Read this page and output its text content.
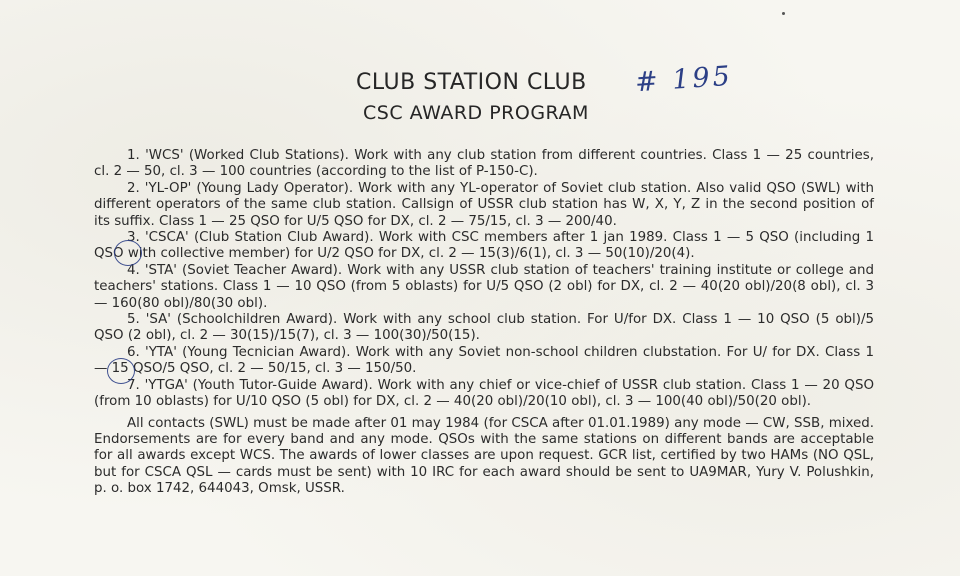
CLUB STATION CLUB # 195
CSC AWARD PROGRAM

1. 'WCS' (Worked Club Stations). Work with any club station from different countries. Class 1 — 25 countries, cl. 2 — 50, cl. 3 — 100 countries (according to the list of P-150-C).

2. 'YL-OP' (Young Lady Operator). Work with any YL-operator of Soviet club station. Also valid QSO (SWL) with different operators of the same club station. Callsign of USSR club station has W, X, Y, Z in the second position of its suffix. Class 1 — 25 QSO for U/5 QSO for DX, cl. 2 — 75/15, cl. 3 — 200/40.

3. 'CSCA' (Club Station Club Award). Work with CSC members after 1 jan 1989. Class 1 — 5 QSO (including 1 QSO with collective member) for U/2 QSO for DX, cl. 2 — 15(3)/6(1), cl. 3 — 50(10)/20(4).

4. 'STA' (Soviet Teacher Award). Work with any USSR club station of teachers' training institute or college and teachers' stations. Class 1 — 10 QSO (from 5 oblasts) for U/5 QSO (2 obl) for DX, cl. 2 — 40(20 obl)/20(8 obl), cl. 3 — 160(80 obl)/80(30 obl).

5. 'SA' (Schoolchildren Award). Work with any school club station. For U/for DX. Class 1 — 10 QSO (5 obl)/5 QSO (2 obl), cl. 2 — 30(15)/15(7), cl. 3 — 100(30)/50(15).

6. 'YTA' (Young Tecnician Award). Work with any Soviet non-school children clubstation. For U/ for DX. Class 1 — 15 QSO/5 QSO, cl. 2 — 50/15, cl. 3 — 150/50.

7. 'YTGA' (Youth Tutor-Guide Award). Work with any chief or vice-chief of USSR club station. Class 1 — 20 QSO (from 10 oblasts) for U/10 QSO (5 obl) for DX, cl. 2 — 40(20 obl)/20(10 obl), cl. 3 — 100(40 obl)/50(20 obl).

All contacts (SWL) must be made after 01 may 1984 (for CSCA after 01.01.1989) any mode — CW, SSB, mixed. Endorsements are for every band and any mode. QSOs with the same stations on different bands are acceptable for all awards except WCS. The awards of lower classes are upon request. GCR list, certified by two HAMs (NO QSL, but for CSCA QSL — cards must be sent) with 10 IRC for each award should be sent to UA9MAR, Yury V. Polushkin, p. o. box 1742, 644043, Omsk, USSR.
